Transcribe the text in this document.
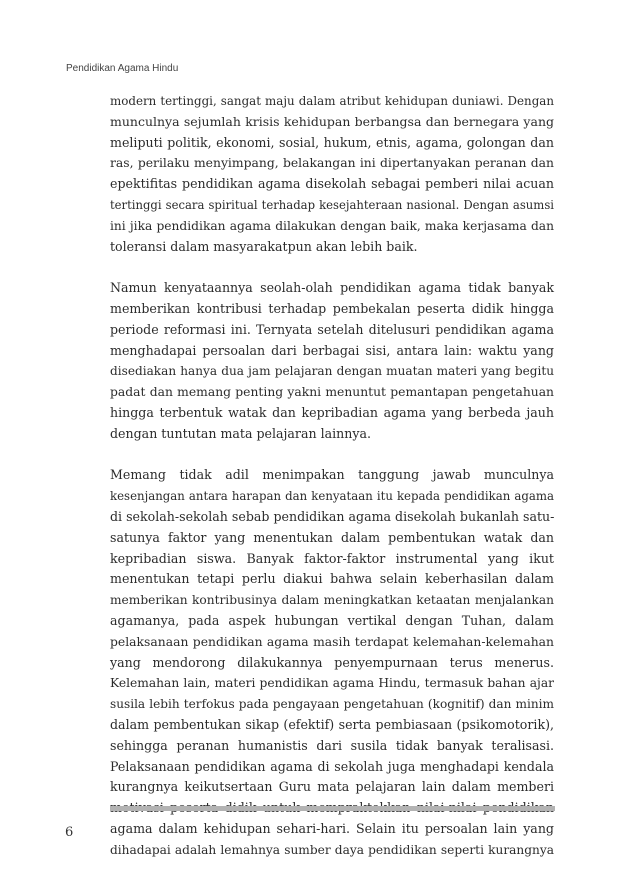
Pendidikan Agama Hindu
modern tertinggi, sangat maju dalam atribut kehidupan duniawi. Dengan
munculnya sejumlah krisis kehidupan berbangsa dan bernegara yang
meliputi politik, ekonomi, sosial, hukum, etnis, agama, golongan dan
ras, perilaku menyimpang, belakangan ini dipertanyakan peranan dan
epektifitas pendidikan agama disekolah sebagai pemberi nilai acuan
tertinggi secara spiritual terhadap kesejahteraan nasional. Dengan asumsi
ini jika pendidikan agama dilakukan dengan baik, maka kerjasama dan
toleransi dalam masyarakatpun akan lebih baik.
Namun kenyataannya seolah-olah pendidikan agama tidak banyak
memberikan kontribusi terhadap pembekalan peserta didik hingga
periode reformasi ini. Ternyata setelah ditelusuri pendidikan agama
menghadapai persoalan dari berbagai sisi, antara lain: waktu yang
disediakan hanya dua jam pelajaran dengan muatan materi yang begitu
padat dan memang penting yakni menuntut pemantapan pengetahuan
hingga terbentuk watak dan kepribadian agama yang berbeda jauh
dengan tuntutan mata pelajaran lainnya.
Memang tidak adil menimpakan tanggung jawab munculnya
kesenjangan antara harapan dan kenyataan itu kepada pendidikan agama
di sekolah-sekolah sebab pendidikan agama disekolah bukanlah satu-
satunya faktor yang menentukan dalam pembentukan watak dan
kepribadian siswa. Banyak faktor-faktor instrumental yang ikut
menentukan tetapi perlu diakui bahwa selain keberhasilan dalam
memberikan kontribusinya dalam meningkatkan ketaatan menjalankan
agamanya, pada aspek hubungan vertikal dengan Tuhan, dalam
pelaksanaan pendidikan agama masih terdapat kelemahan-kelemahan
yang mendorong dilakukannya penyempurnaan terus menerus.
Kelemahan lain, materi pendidikan agama Hindu, termasuk bahan ajar
susila lebih terfokus pada pengayaan pengetahuan (kognitif) dan minim
dalam pembentukan sikap (efektif) serta pembiasaan (psikomotorik),
sehingga peranan humanistis dari susila tidak banyak teralisasi.
Pelaksanaan pendidikan agama di sekolah juga menghadapi kendala
kurangnya keikutsertaan Guru mata pelajaran lain dalam memberi
agama dalam kehidupan sehari-hari. Selain itu persoalan lain yang
dihadapai adalah lemahnya sumber daya pendidikan seperti kurangnya
6
